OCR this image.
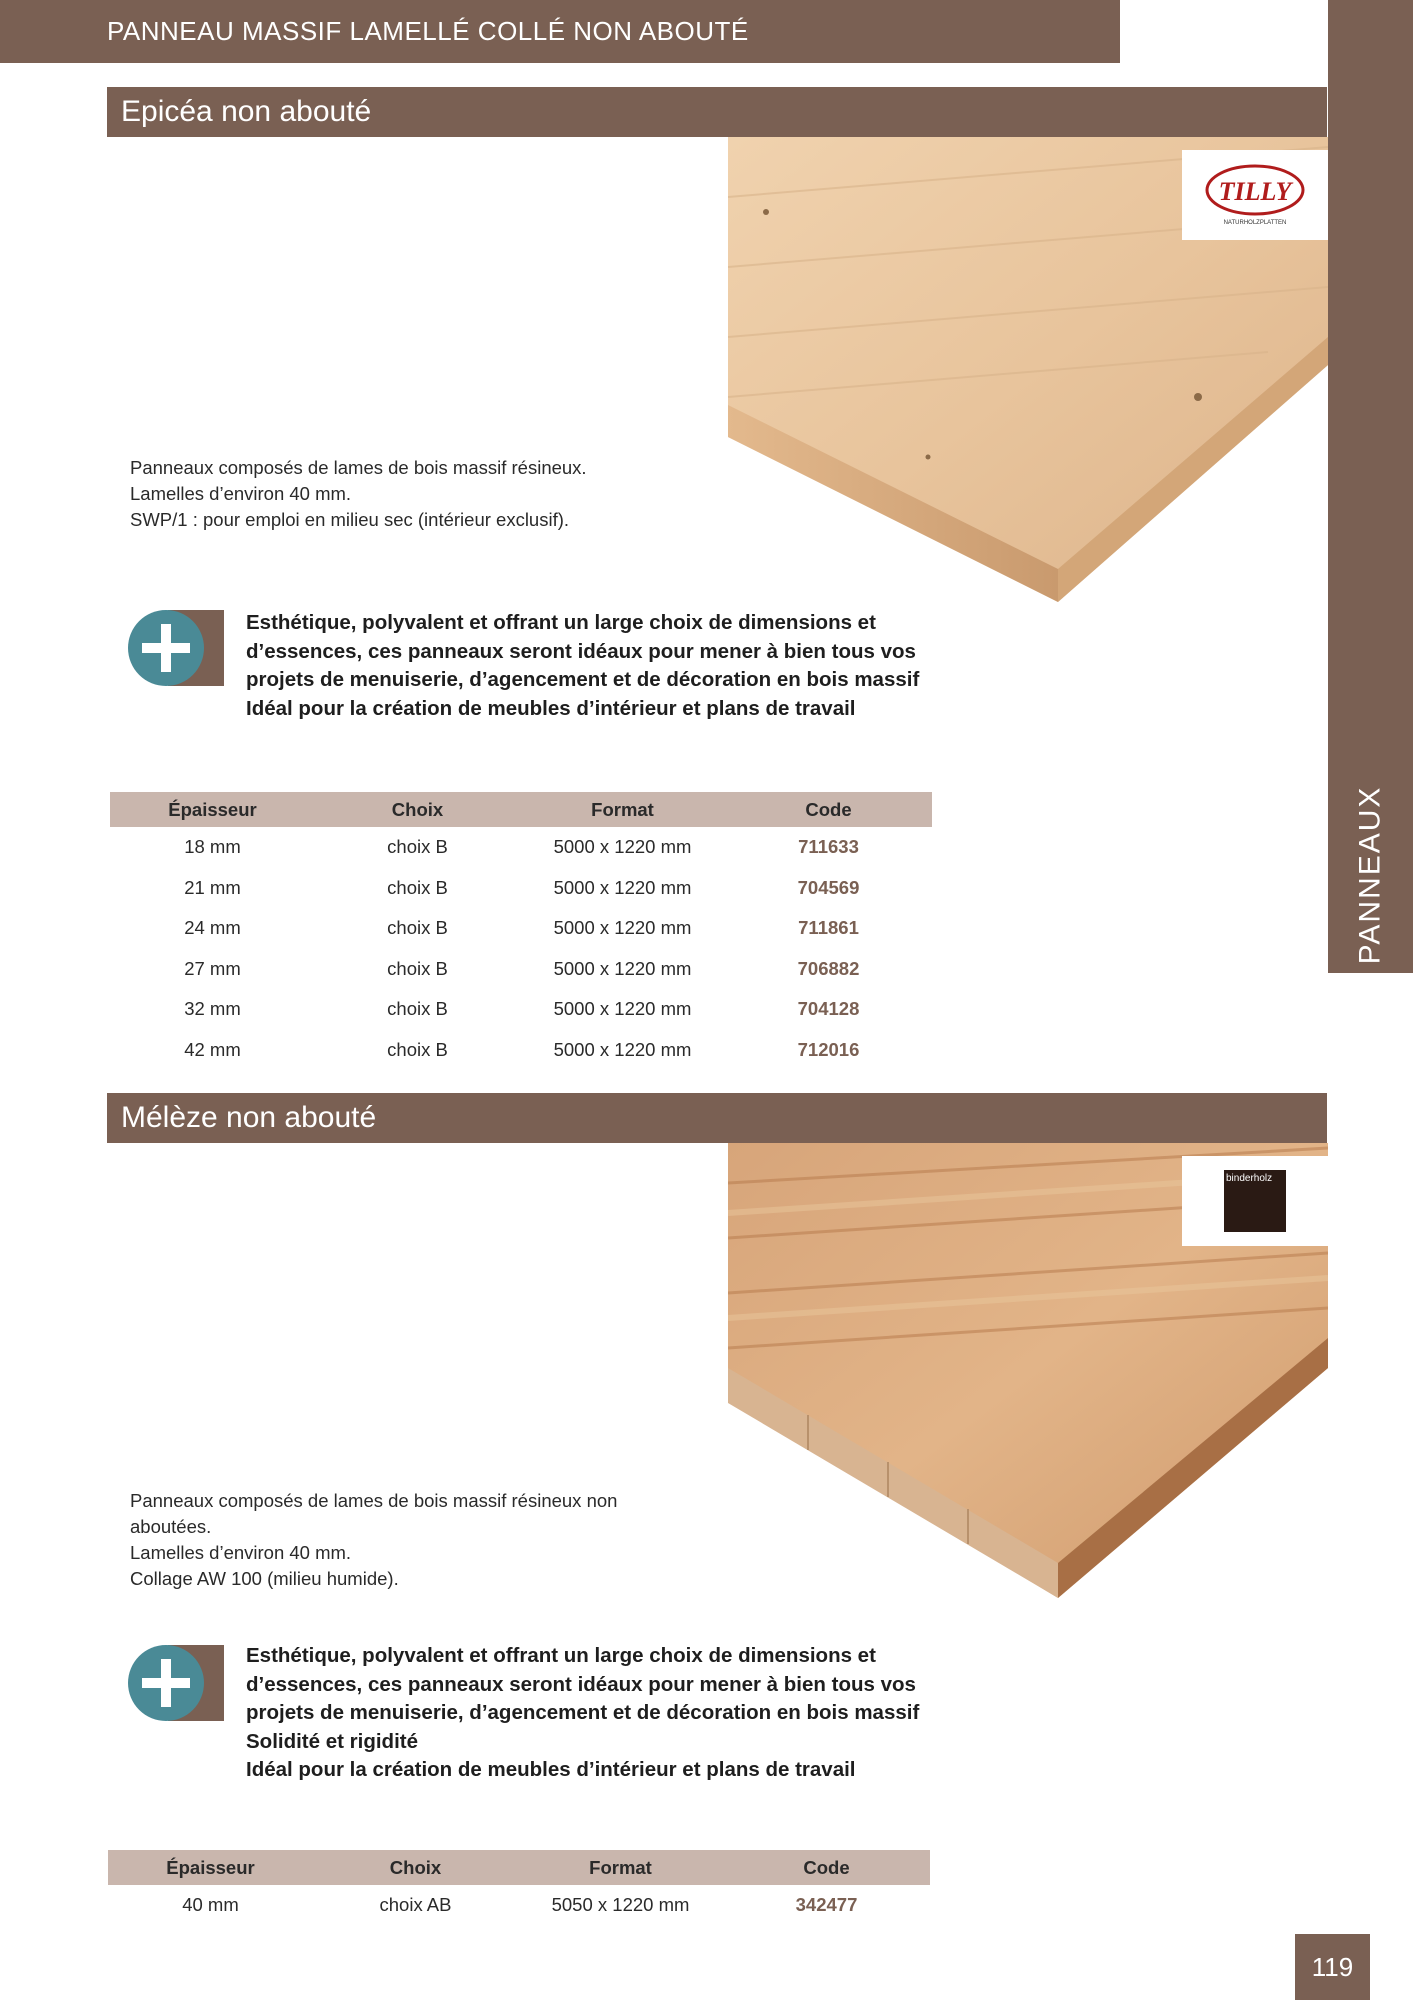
PANNEAU MASSIF LAMELLÉ COLLÉ NON ABOUTÉ
PANNEAUX
Epicéa non abouté
TILLY
NATURHOLZPLATTEN
Panneaux composés de lames de bois massif résineux.
Lamelles d’environ 40 mm.
SWP/1 : pour emploi en milieu sec (intérieur exclusif).
Esthétique, polyvalent et offrant un large choix de dimensions et
d’essences, ces panneaux seront idéaux pour mener à bien tous vos
projets de menuiserie, d’agencement et de décoration en bois massif
Idéal pour la création de meubles d’intérieur et plans de travail
Épaisseur	Choix	Format	Code
18 mm	choix B	5000 x 1220 mm	711633
21 mm	choix B	5000 x 1220 mm	704569
24 mm	choix B	5000 x 1220 mm	711861
27 mm	choix B	5000 x 1220 mm	706882
32 mm	choix B	5000 x 1220 mm	704128
42 mm	choix B	5000 x 1220 mm	712016
Mélèze non abouté
binderholz
Panneaux composés de lames de bois massif résineux non
aboutées.
Lamelles d’environ 40 mm.
Collage AW 100 (milieu humide).
Esthétique, polyvalent et offrant un large choix de dimensions et
d’essences, ces panneaux seront idéaux pour mener à bien tous vos
projets de menuiserie, d’agencement et de décoration en bois massif
Solidité et rigidité
Idéal pour la création de meubles d’intérieur et plans de travail
Épaisseur	Choix	Format	Code
40 mm	choix AB	5050 x 1220 mm	342477
119
